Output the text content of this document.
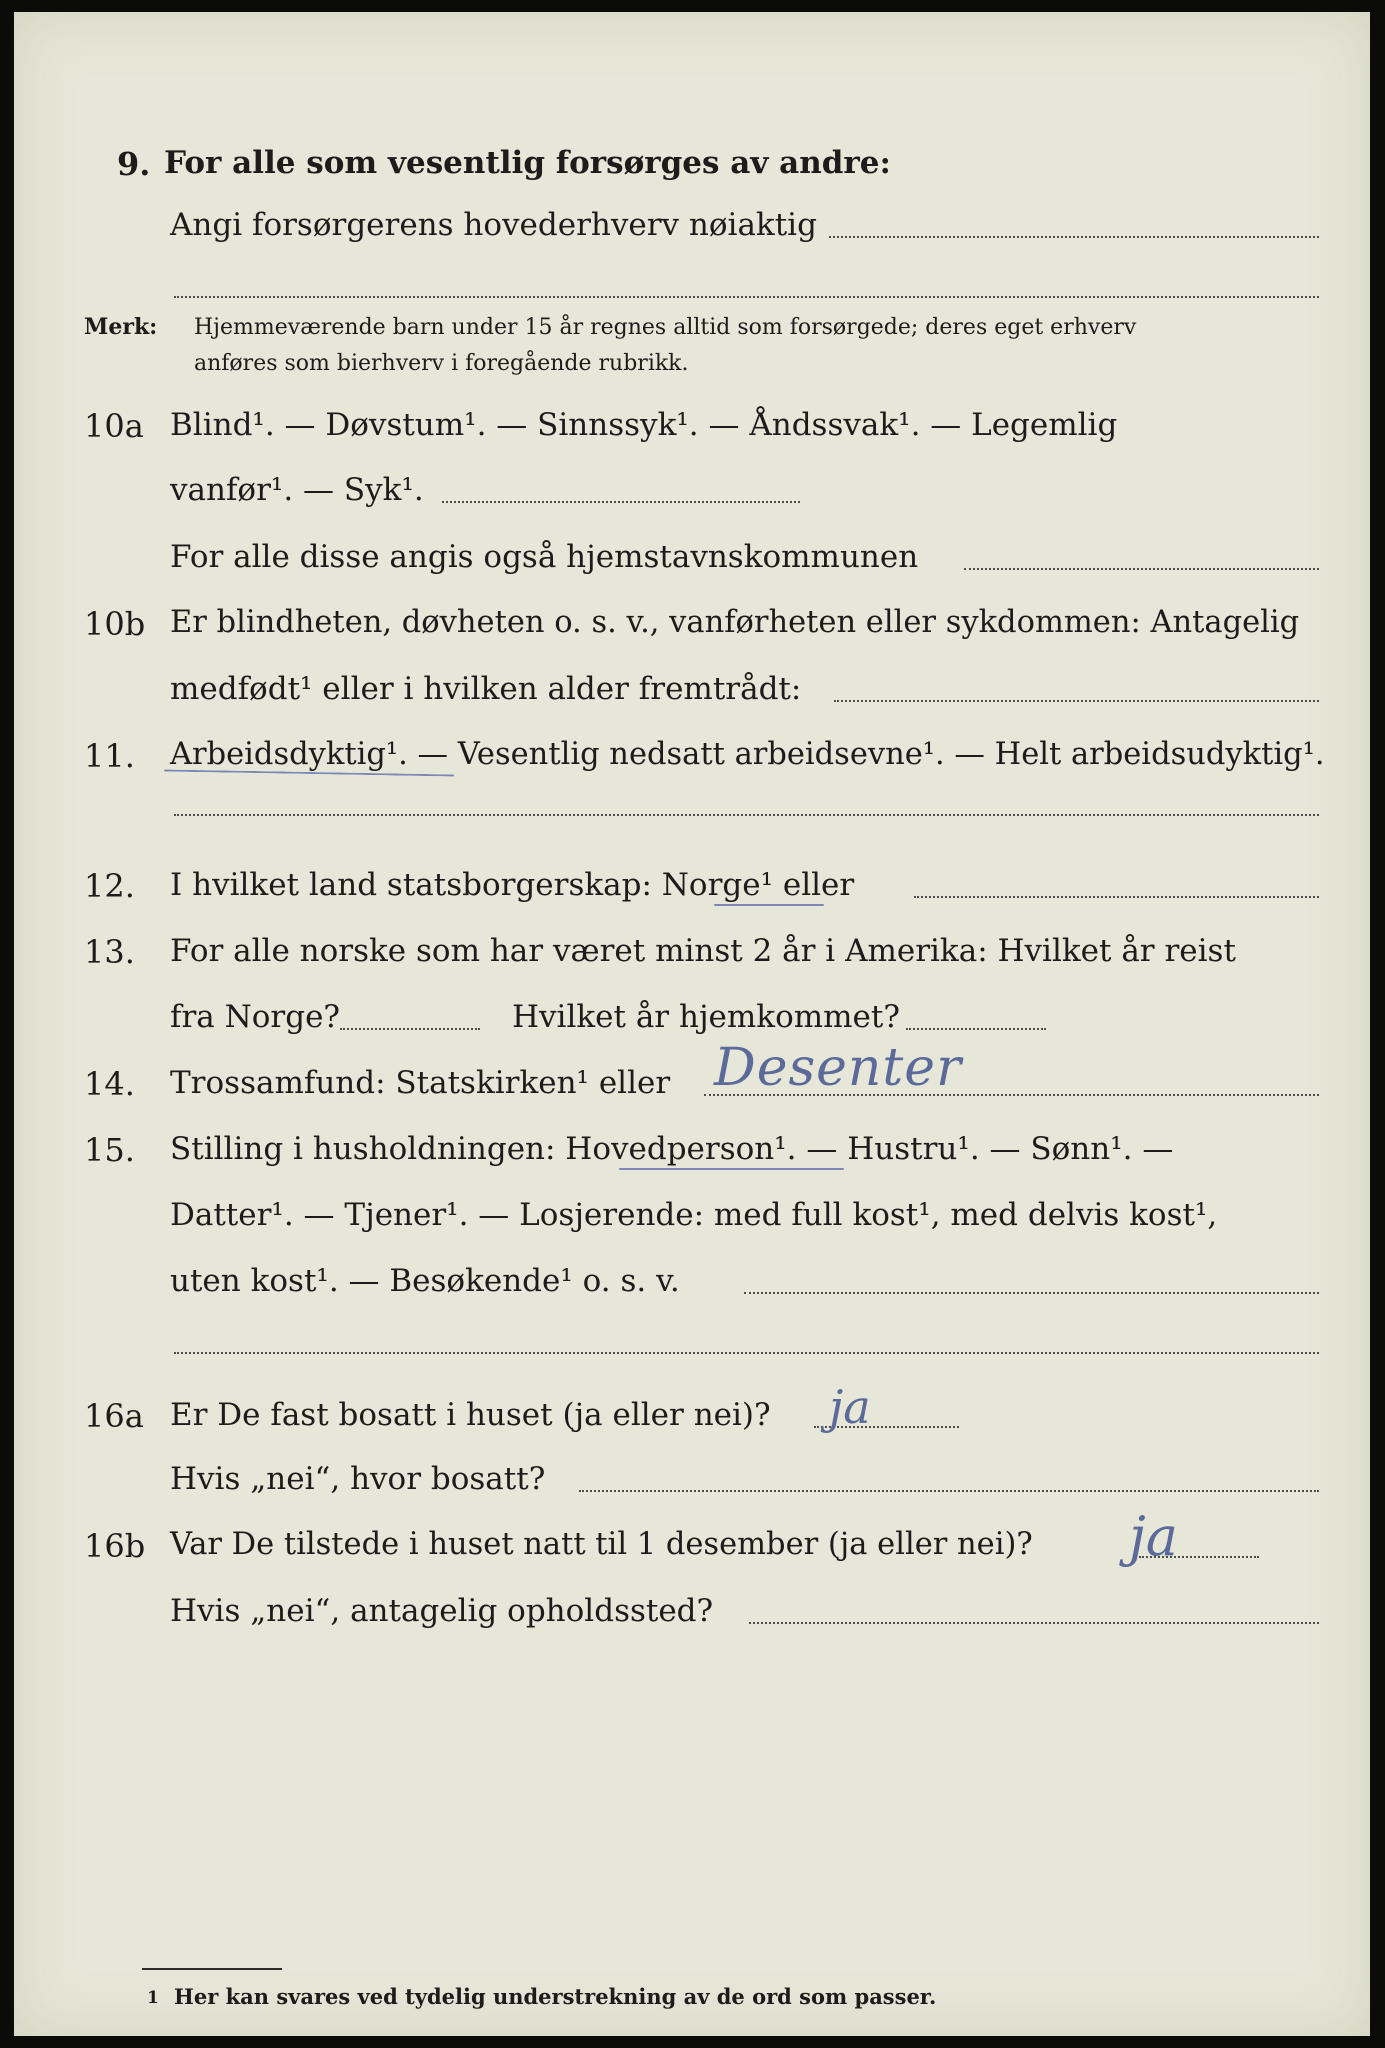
9. For alle som vesentlig forsørges av andre:
Angi forsørgerens hovederhverv nøiaktig
Merk: Hjemmeværende barn under 15 år regnes alltid som forsørgede; deres eget erhverv
anføres som bierhverv i foregående rubrikk.
10a Blind¹. — Døvstum¹. — Sinnssyk¹. — Åndssvak¹. — Legemlig
vanfør¹. — Syk¹.
For alle disse angis også hjemstavnskommunen
10b Er blindheten, døvheten o. s. v., vanførheten eller sykdommen: Antagelig
medfødt¹ eller i hvilken alder fremtrådt:
11. Arbeidsdyktig¹. — Vesentlig nedsatt arbeidsevne¹. — Helt arbeidsudyktig¹.
12. I hvilket land statsborgerskap: Norge¹ eller
13. For alle norske som har været minst 2 år i Amerika: Hvilket år reist
fra Norge?	Hvilket år hjemkommet?
14. Trossamfund: Statskirken¹ eller Desenter
15. Stilling i husholdningen: Hovedperson¹. — Hustru¹. — Sønn¹. —
Datter¹. — Tjener¹. — Losjerende: med full kost¹, med delvis kost¹,
uten kost¹. — Besøkende¹ o. s. v.
16a Er De fast bosatt i huset (ja eller nei)? ja
Hvis „nei“, hvor bosatt?
16b Var De tilstede i huset natt til 1 desember (ja eller nei)? ja
Hvis „nei“, antagelig opholdssted?
1 Her kan svares ved tydelig understrekning av de ord som passer.
